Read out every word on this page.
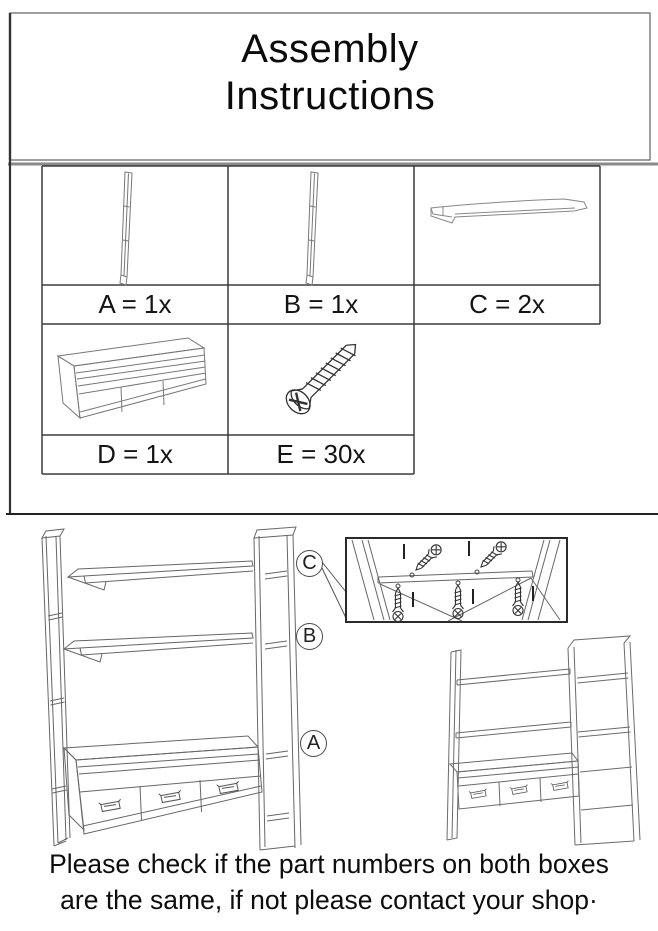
Assembly
Instructions
A = 1x	B = 1x	C = 2x
D = 1x	E = 30x
C
B
A
Please check if the part numbers on both boxes
are the same, if not please contact your shop·
